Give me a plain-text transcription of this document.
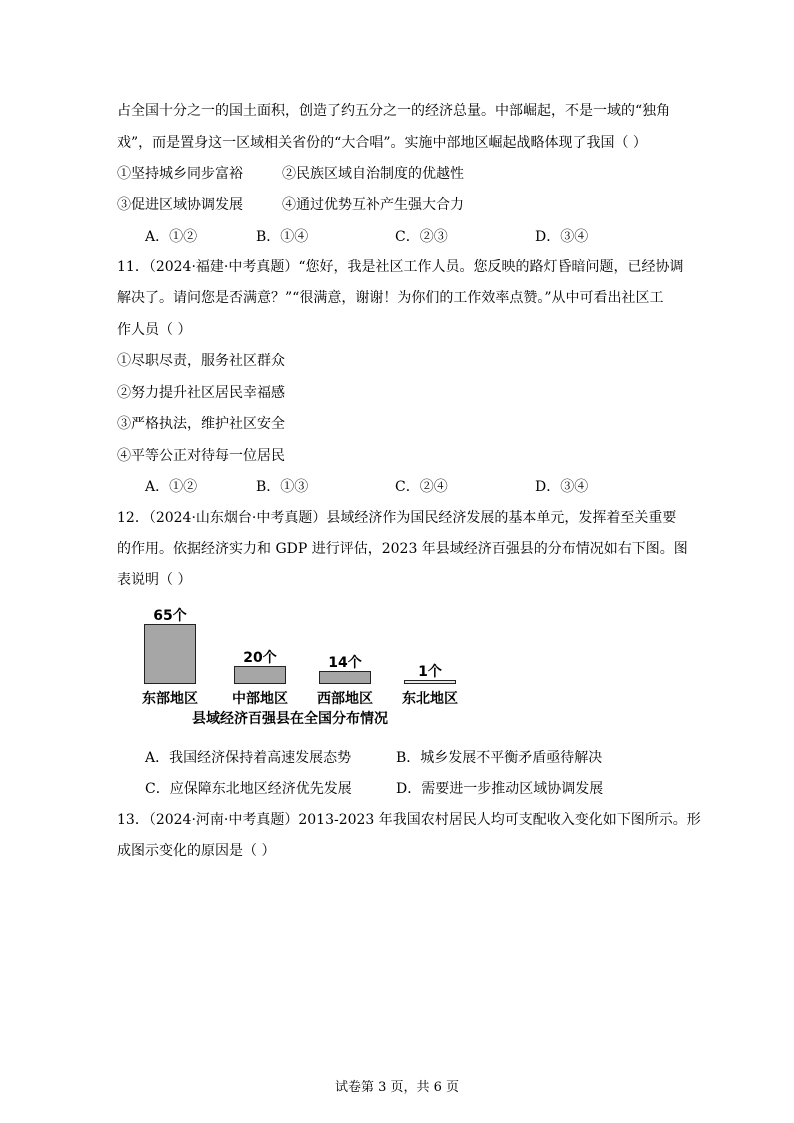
占全国十分之一的国土面积，创造了约五分之一的经济总量。中部崛起，不是一域的“独角
戏”，而是置身这一区域相关省份的“大合唱”。实施中部地区崛起战略体现了我国（ ）
①坚持城乡同步富裕	②民族区域自治制度的优越性
③促进区域协调发展	④通过优势互补产生强大合力
A．①②	B．①④	C．②③	D．③④
11．（2024·福建·中考真题）“您好，我是社区工作人员。您反映的路灯昏暗问题，已经协调
解决了。请问您是否满意？”“很满意，谢谢！为你们的工作效率点赞。”从中可看出社区工
作人员（ ）
①尽职尽责，服务社区群众
②努力提升社区居民幸福感
③严格执法，维护社区安全
④平等公正对待每一位居民
A．①②	B．①③	C．②④	D．③④
12．（2024·山东烟台·中考真题）县域经济作为国民经济发展的基本单元，发挥着至关重要
的作用。依据经济实力和 GDP 进行评估，2023 年县域经济百强县的分布情况如右下图。图
表说明（ ）
县域经济百强县在全国分布情况
65个
东部地区
20个
中部地区
14个
西部地区
1个
东北地区
A．我国经济保持着高速发展态势	B．城乡发展不平衡矛盾亟待解决
C．应保障东北地区经济优先发展	D．需要进一步推动区域协调发展
13．（2024·河南·中考真题）2013-2023 年我国农村居民人均可支配收入变化如下图所示。形
成图示变化的原因是（ ）
试卷第 3 页，共 6 页
